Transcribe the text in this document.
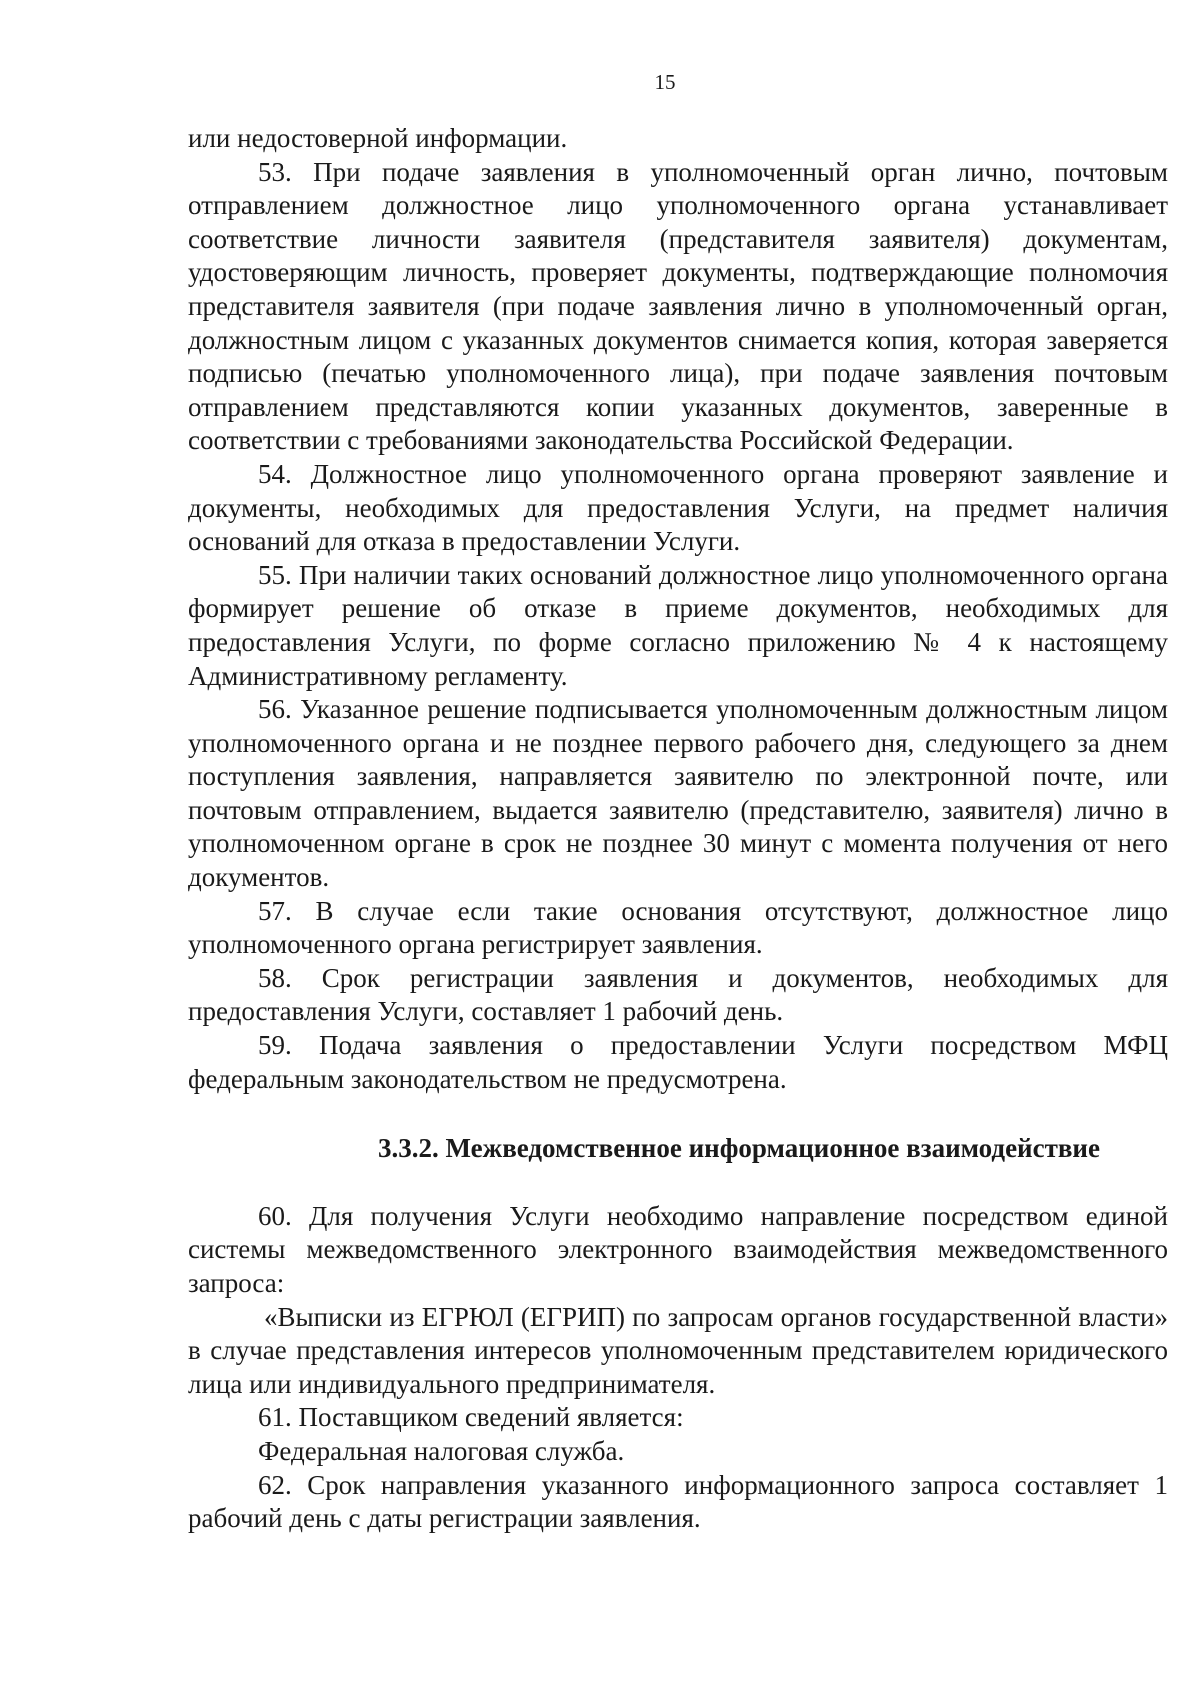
15

или недостоверной информации.

53. При подаче заявления в уполномоченный орган лично, почтовым отправлением должностное лицо уполномоченного органа устанавливает соответствие личности заявителя (представителя заявителя) документам, удостоверяющим личность, проверяет документы, подтверждающие полномочия представителя заявителя (при подаче заявления лично в уполномоченный орган, должностным лицом с указанных документов снимается копия, которая заверяется подписью (печатью уполномоченного лица), при подаче заявления почтовым отправлением представляются копии указанных документов, заверенные в соответствии с требованиями законодательства Российской Федерации.

54. Должностное лицо уполномоченного органа проверяют заявление и документы, необходимых для предоставления Услуги, на предмет наличия оснований для отказа в предоставлении Услуги.

55. При наличии таких оснований должностное лицо уполномоченного органа формирует решение об отказе в приеме документов, необходимых для предоставления Услуги, по форме согласно приложению № 4 к настоящему Административному регламенту.

56. Указанное решение подписывается уполномоченным должностным лицом уполномоченного органа и не позднее первого рабочего дня, следующего за днем поступления заявления, направляется заявителю по электронной почте, или почтовым отправлением, выдается заявителю (представителю, заявителя) лично в уполномоченном органе в срок не позднее 30 минут с момента получения от него документов.

57. В случае если такие основания отсутствуют, должностное лицо уполномоченного органа регистрирует заявления.

58. Срок регистрации заявления и документов, необходимых для предоставления Услуги, составляет 1 рабочий день.

59. Подача заявления о предоставлении Услуги посредством МФЦ федеральным законодательством не предусмотрена.

3.3.2. Межведомственное информационное взаимодействие

60. Для получения Услуги необходимо направление посредством единой системы межведомственного электронного взаимодействия межведомственного запроса:

«Выписки из ЕГРЮЛ (ЕГРИП) по запросам органов государственной власти» в случае представления интересов уполномоченным представителем юридического лица или индивидуального предпринимателя.

61. Поставщиком сведений является:

Федеральная налоговая служба.

62. Срок направления указанного информационного запроса составляет 1 рабочий день с даты регистрации заявления.
